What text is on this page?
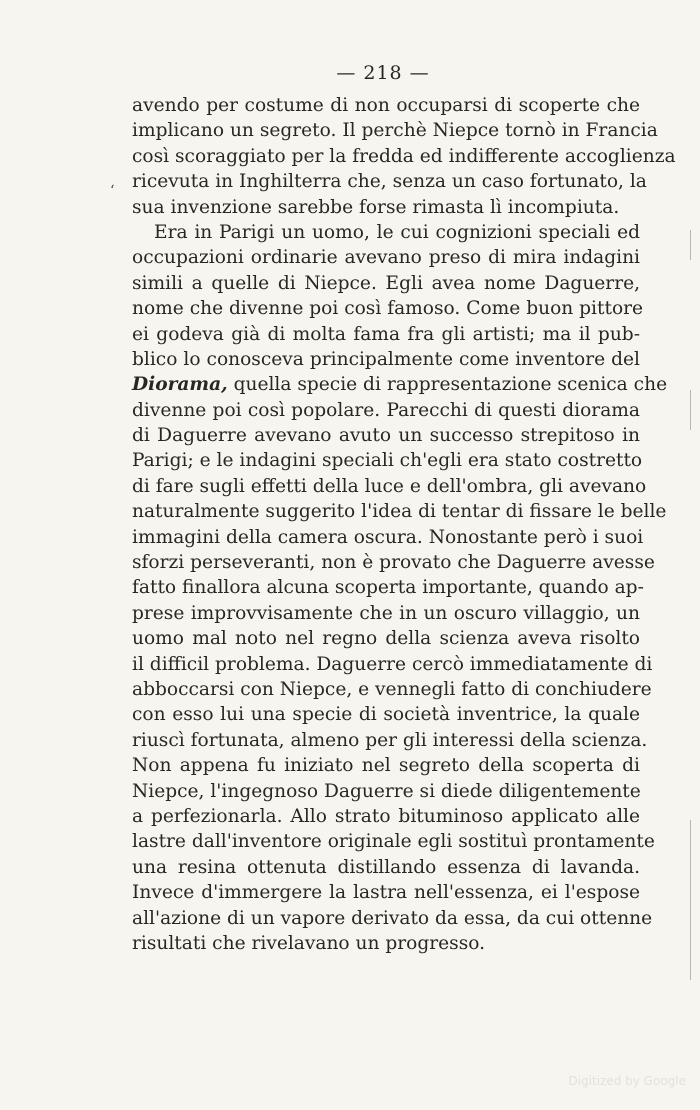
— 218 —
ʻ
avendo per costume di non occuparsi di scoperte che
implicano un segreto. Il perchè Niepce tornò in Francia
così scoraggiato per la fredda ed indifferente accoglienza
ricevuta in Inghilterra che, senza un caso fortunato, la
sua invenzione sarebbe forse rimasta lì incompiuta.
Era in Parigi un uomo, le cui cognizioni speciali ed
occupazioni ordinarie avevano preso di mira indagini
simili a quelle di Niepce. Egli avea nome Daguerre,
nome che divenne poi così famoso. Come buon pittore
ei godeva già di molta fama fra gli artisti; ma il pub-
blico lo conosceva principalmente come inventore del
Diorama, quella specie di rappresentazione scenica che
divenne poi così popolare. Parecchi di questi diorama
di Daguerre avevano avuto un successo strepitoso in
Parigi; e le indagini speciali ch'egli era stato costretto
di fare sugli effetti della luce e dell'ombra, gli avevano
naturalmente suggerito l'idea di tentar di fissare le belle
immagini della camera oscura. Nonostante però i suoi
sforzi perseveranti, non è provato che Daguerre avesse
fatto finallora alcuna scoperta importante, quando ap-
prese improvvisamente che in un oscuro villaggio, un
uomo mal noto nel regno della scienza aveva risolto
il difficil problema. Daguerre cercò immediatamente di
abboccarsi con Niepce, e vennegli fatto di conchiudere
con esso lui una specie di società inventrice, la quale
riuscì fortunata, almeno per gli interessi della scienza.
Non appena fu iniziato nel segreto della scoperta di
Niepce, l'ingegnoso Daguerre si diede diligentemente
a perfezionarla. Allo strato bituminoso applicato alle
lastre dall'inventore originale egli sostituì prontamente
una resina ottenuta distillando essenza di lavanda.
Invece d'immergere la lastra nell'essenza, ei l'espose
all'azione di un vapore derivato da essa, da cui ottenne
risultati che rivelavano un progresso.
Digitized by Google
